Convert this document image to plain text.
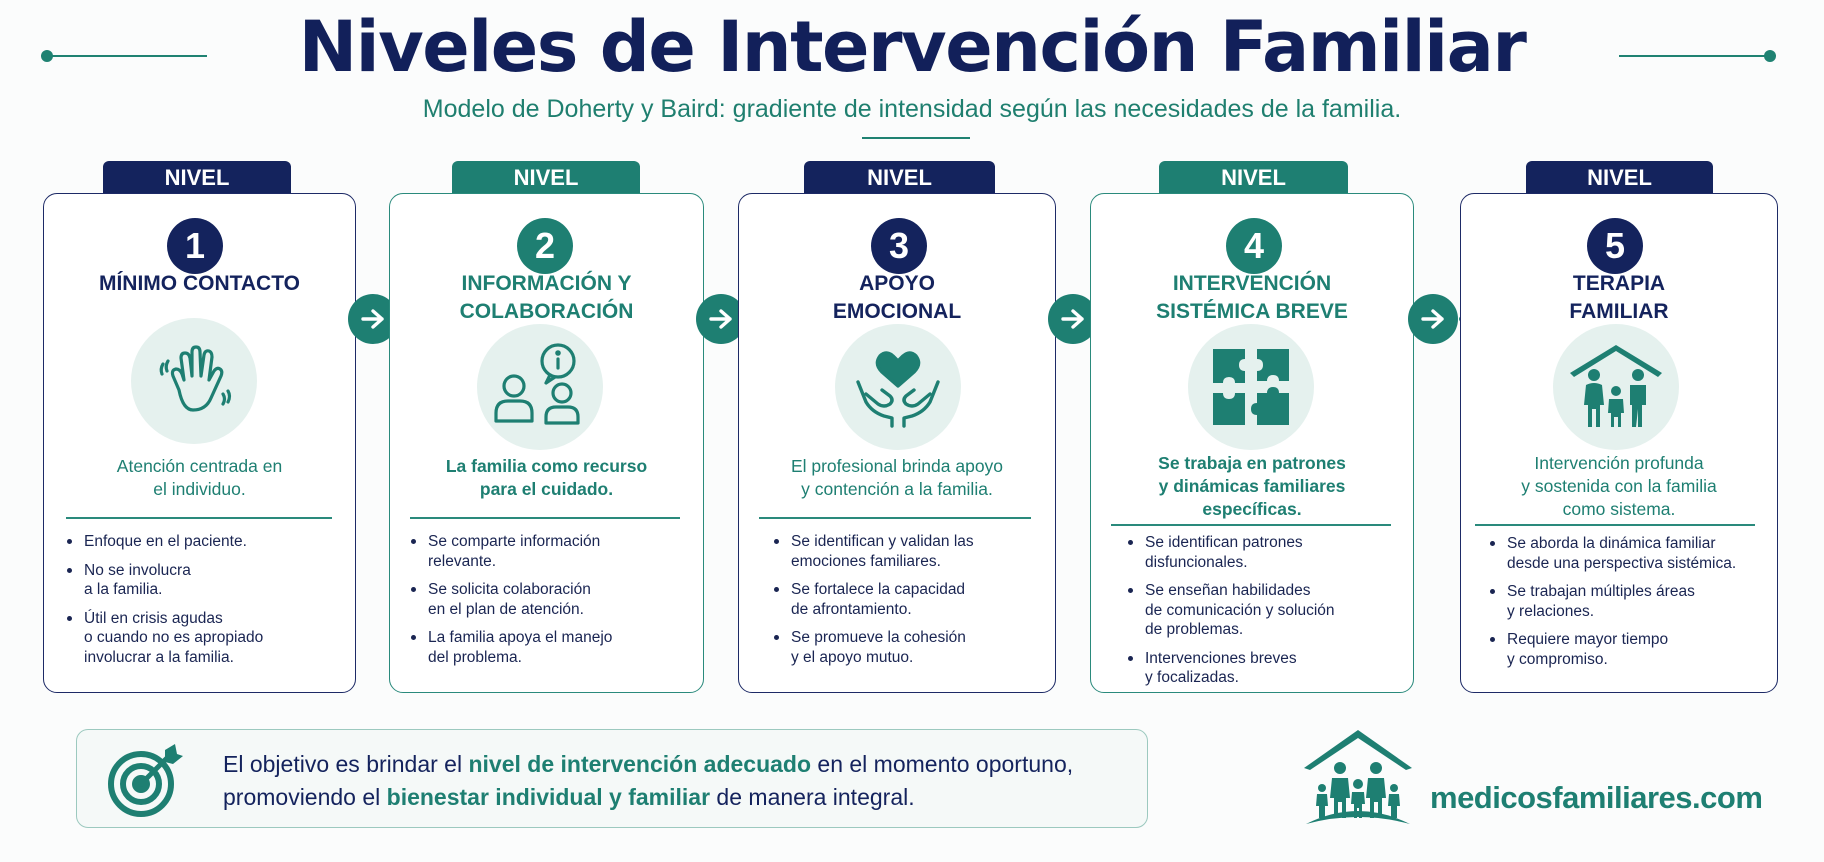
Niveles de Intervención Familiar
Modelo de Doherty y Baird: gradiente de intensidad según las necesidades de la familia.
NIVEL
1
MÍNIMO CONTACTO
Atención centrada en
el individuo.
Enfoque en el paciente.
No se involucra
a la familia.
Útil en crisis agudas
o cuando no es apropiado
involucrar a la familia.
NIVEL
2
INFORMACIÓN Y
COLABORACIÓN
La familia como recurso
para el cuidado.
Se comparte información
relevante.
Se solicita colaboración
en el plan de atención.
La familia apoya el manejo
del problema.
NIVEL
3
APOYO
EMOCIONAL
El profesional brinda apoyo
y contención a la familia.
Se identifican y validan las
emociones familiares.
Se fortalece la capacidad
de afrontamiento.
Se promueve la cohesión
y el apoyo mutuo.
NIVEL
4
INTERVENCIÓN
SISTÉMICA BREVE
Se trabaja en patrones
y dinámicas familiares
específicas.
Se identifican patrones
disfuncionales.
Se enseñan habilidades
de comunicación y solución
de problemas.
Intervenciones breves
y focalizadas.
NIVEL
5
TERAPIA
FAMILIAR
Intervención profunda
y sostenida con la familia
como sistema.
Se aborda la dinámica familiar
desde una perspectiva sistémica.
Se trabajan múltiples áreas
y relaciones.
Requiere mayor tiempo
y compromiso.
El objetivo es brindar el nivel de intervención adecuado en el momento oportuno,
promoviendo el bienestar individual y familiar de manera integral.	medicosfamiliares.com
